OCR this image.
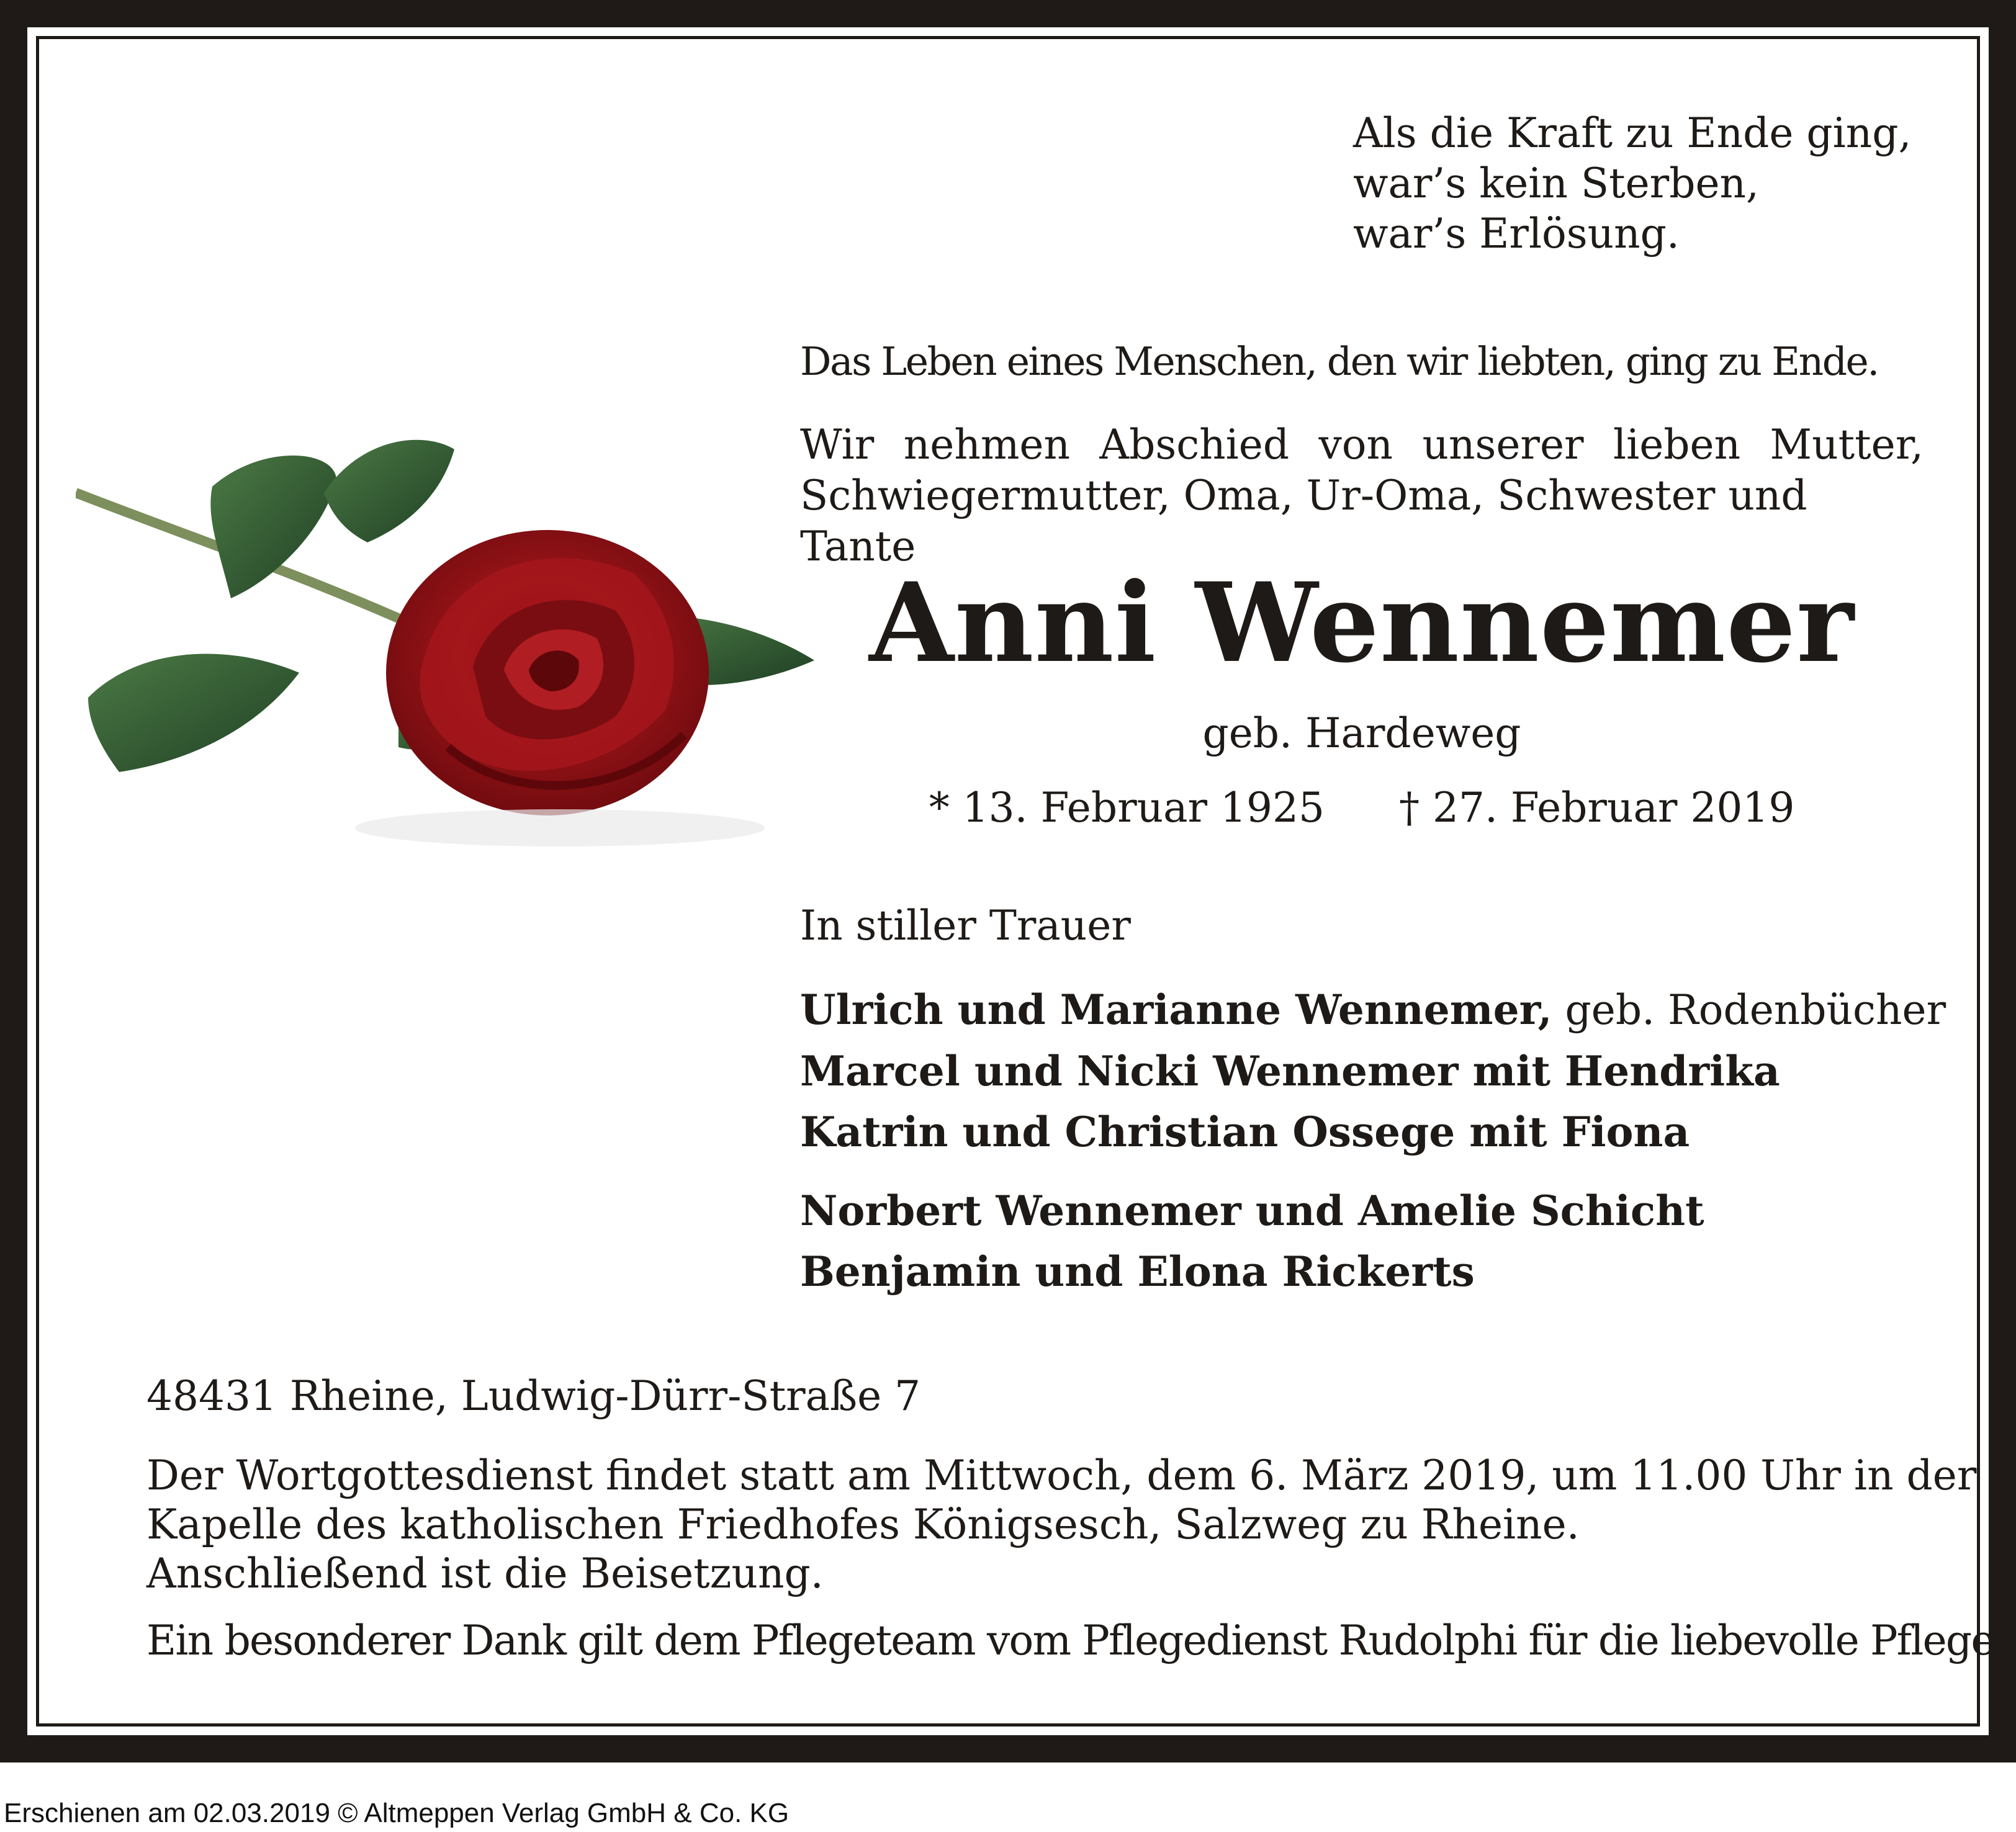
Als die Kraft zu Ende ging,
war’s kein Sterben,
war’s Erlösung.
Das Leben eines Menschen, den wir liebten, ging zu Ende.
Wir nehmen Abschied von unserer lieben Mutter,
Schwiegermutter, Oma, Ur-Oma, Schwester und Tante
Anni Wennemer
geb. Hardeweg
* 13. Februar 1925 † 27. Februar 2019
In stiller Trauer
Ulrich und Marianne Wennemer, geb. Rodenbücher
Marcel und Nicki Wennemer mit Hendrika
Katrin und Christian Ossege mit Fiona
Norbert Wennemer und Amelie Schicht
Benjamin und Elona Rickerts
48431 Rheine, Ludwig-Dürr-Straße 7
Der Wortgottesdienst findet statt am Mittwoch, dem 6. März 2019, um 11.00 Uhr in der
Kapelle des katholischen Friedhofes Königsesch, Salzweg zu Rheine.
Anschließend ist die Beisetzung.
Ein besonderer Dank gilt dem Pflegeteam vom Pflegedienst Rudolphi für die liebevolle Pflege.
Erschienen am 02.03.2019 © Altmeppen Verlag GmbH & Co. KG
